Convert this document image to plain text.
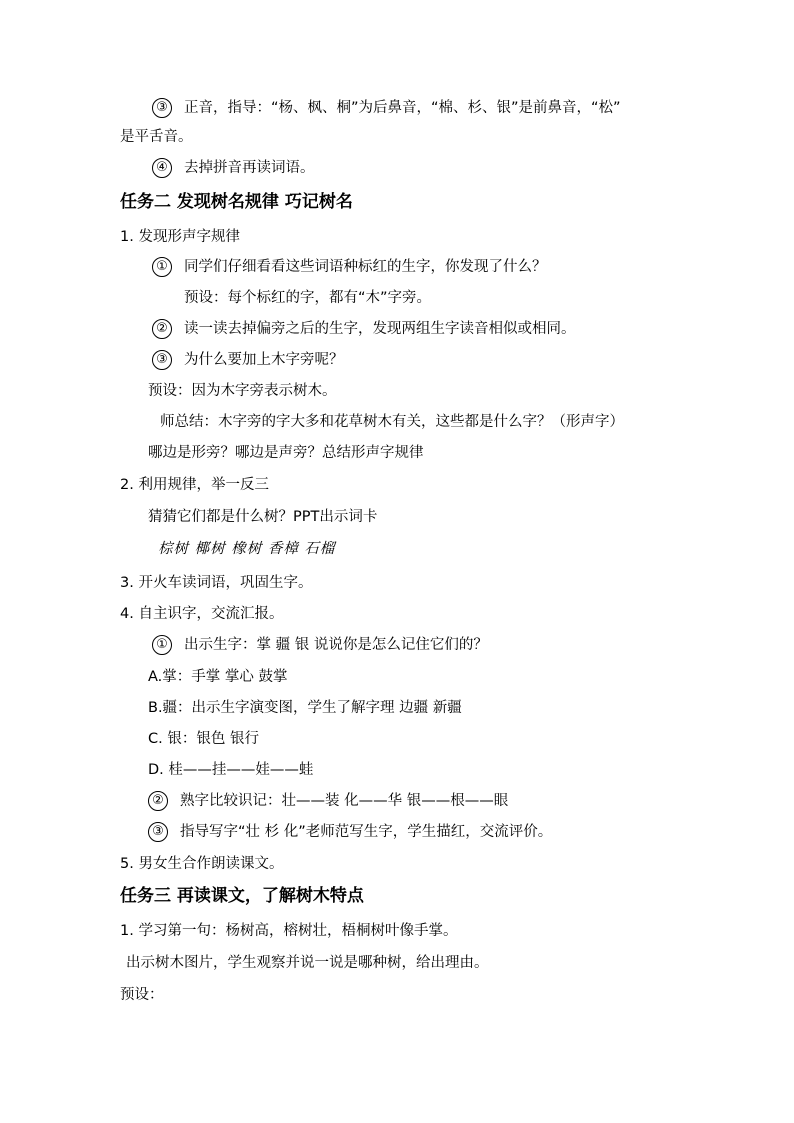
③ 正音，指导：“杨、枫、桐”为后鼻音，“棉、杉、银”是前鼻音，“松”
是平舌音。
④ 去掉拼音再读词语。
任务二 发现树名规律 巧记树名
1. 发现形声字规律
① 同学们仔细看看这些词语种标红的生字，你发现了什么？
预设：每个标红的字，都有“木”字旁。
② 读一读去掉偏旁之后的生字，发现两组生字读音相似或相同。
③ 为什么要加上木字旁呢？
预设：因为木字旁表示树木。
师总结：木字旁的字大多和花草树木有关，这些都是什么字？（形声字）
哪边是形旁？哪边是声旁？总结形声字规律
2. 利用规律，举一反三
猜猜它们都是什么树？PPT出示词卡
棕树 椰树 橡树 香樟 石榴
3. 开火车读词语，巩固生字。
4. 自主识字，交流汇报。
① 出示生字：掌 疆 银 说说你是怎么记住它们的？
A.掌：手掌 掌心 鼓掌
B.疆：出示生字演变图，学生了解字理 边疆 新疆
C. 银：银色 银行
D. 桂——挂——娃——蛙
② 熟字比较识记：壮——装 化——华 银——根——眼
③ 指导写字“壮 杉 化”老师范写生字，学生描红，交流评价。
5. 男女生合作朗读课文。
任务三 再读课文，了解树木特点
1. 学习第一句：杨树高，榕树壮，梧桐树叶像手掌。
出示树木图片，学生观察并说一说是哪种树，给出理由。
预设：
